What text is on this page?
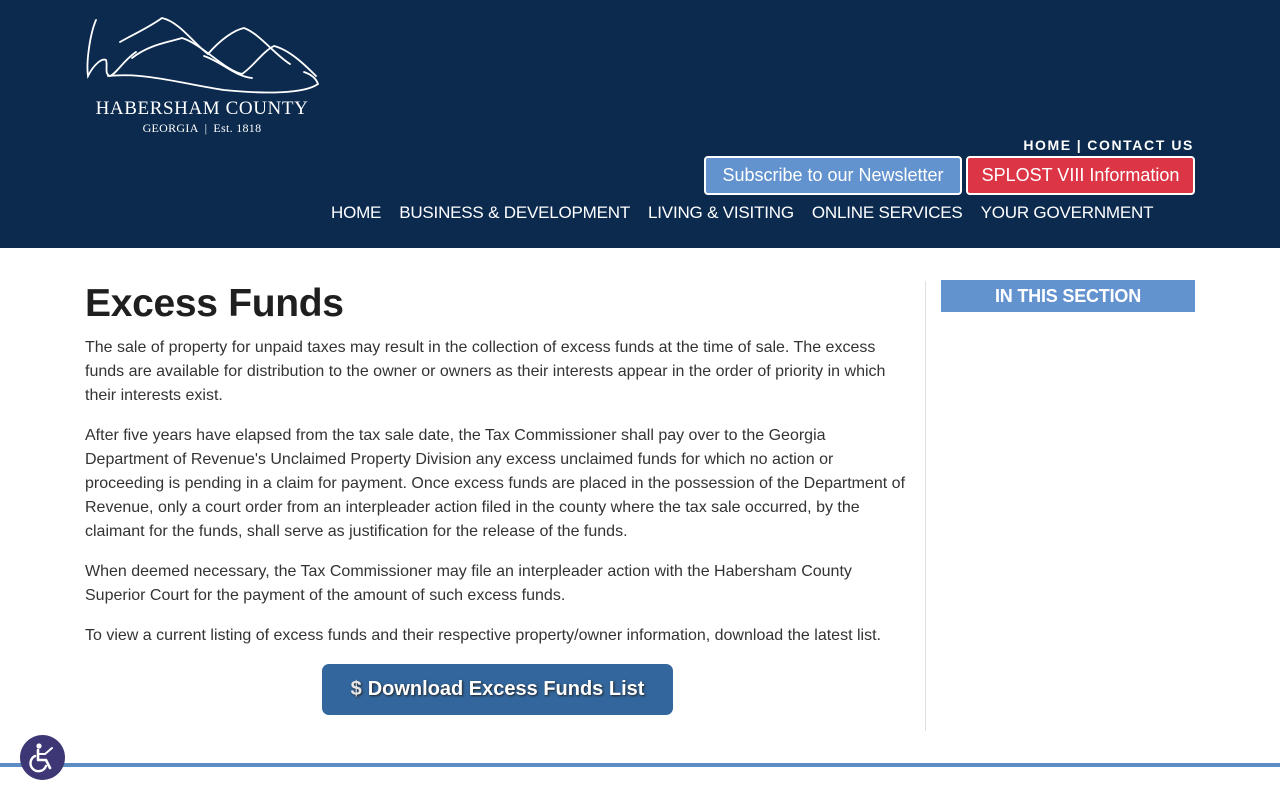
HABERSHAM COUNTY
GEORGIA | Est. 1818
HOME | CONTACT US
Subscribe to our Newsletter	SPLOST VIII Information
HOME	BUSINESS & DEVELOPMENT	LIVING & VISITING	ONLINE SERVICES	YOUR GOVERNMENT
Excess Funds

The sale of property for unpaid taxes may result in the collection of excess funds at the time of sale. The excess funds are available for distribution to the owner or owners as their interests appear in the order of priority in which their interests exist.

After five years have elapsed from the tax sale date, the Tax Commissioner shall pay over to the Georgia Department of Revenue's Unclaimed Property Division any excess unclaimed funds for which no action or proceeding is pending in a claim for payment. Once excess funds are placed in the possession of the Department of Revenue, only a court order from an interpleader action filed in the county where the tax sale occurred, by the claimant for the funds, shall serve as justification for the release of the funds.

When deemed necessary, the Tax Commissioner may file an interpleader action with the Habersham County Superior Court for the payment of the amount of such excess funds.

To view a current listing of excess funds and their respective property/owner information, download the latest list.

$ Download Excess Funds List
IN THIS SECTION
